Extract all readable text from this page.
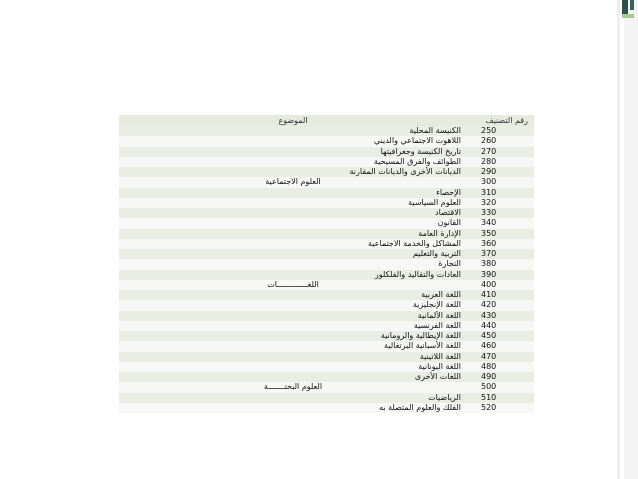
الموضوع	رقم التصنيف
الكنيسة المحلية	250
اللاهوت الاجتماعي والديني	260
تاريخ الكنيسة وجغرافيتها	270
الطوائف والفرق المسيحية	280
الديانات الأخرى والديانات المقارنة	290
العلوم الاجتماعية	300
الإحصاء	310
العلوم السياسية	320
الاقتصاد	330
القانون	340
الإدارة العامة	350
المشاكل والخدمة الاجتماعية	360
التربية والتعليم	370
التجارة	380
العادات والتقاليد والفلكلور	390
اللغـــــــــــــات	400
اللغة العربية	410
اللغة الإنجليزية	420
اللغة الألمانية	430
اللغة الفرنسية	440
اللغة الإيطالية والرومانية	450
اللغة الأسبانية البرتغالية	460
اللغة اللاتينية	470
اللغة اليونانية	480
اللغات الأخرى	490
العلوم البحتـــــــة	500
الرياضيات	510
الفلك والعلوم المتصلة به	520
